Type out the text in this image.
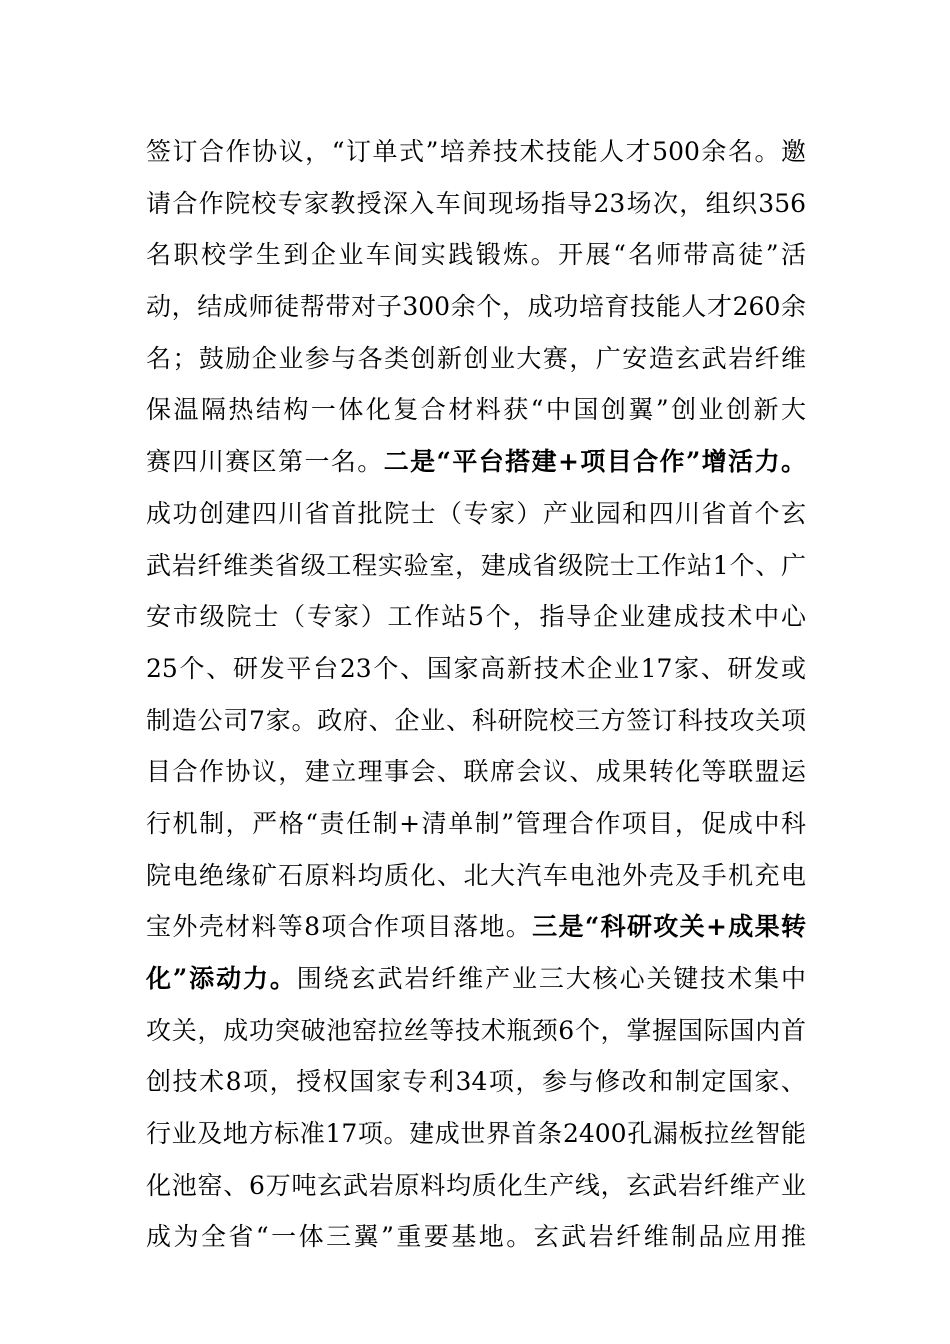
签订合作协议，“订单式”培养技术技能人才500余名。邀
请合作院校专家教授深入车间现场指导23场次，组织356
名职校学生到企业车间实践锻炼。开展“名师带高徒”活
动，结成师徒帮带对子300余个，成功培育技能人才260余
名；鼓励企业参与各类创新创业大赛，广安造玄武岩纤维
保温隔热结构一体化复合材料获“中国创翼”创业创新大
赛四川赛区第一名。二是“平台搭建+项目合作”增活力。
成功创建四川省首批院士（专家）产业园和四川省首个玄
武岩纤维类省级工程实验室，建成省级院士工作站1个、广
安市级院士（专家）工作站5个，指导企业建成技术中心
25个、研发平台23个、国家高新技术企业17家、研发或
制造公司7家。政府、企业、科研院校三方签订科技攻关项
目合作协议，建立理事会、联席会议、成果转化等联盟运
行机制，严格“责任制+清单制”管理合作项目，促成中科
院电绝缘矿石原料均质化、北大汽车电池外壳及手机充电
宝外壳材料等8项合作项目落地。三是“科研攻关+成果转
化”添动力。围绕玄武岩纤维产业三大核心关键技术集中
攻关，成功突破池窑拉丝等技术瓶颈6个，掌握国际国内首
创技术8项，授权国家专利34项，参与修改和制定国家、
行业及地方标准17项。建成世界首条2400孔漏板拉丝智能
化池窑、6万吨玄武岩原料均质化生产线，玄武岩纤维产业
成为全省“一体三翼”重要基地。玄武岩纤维制品应用推
